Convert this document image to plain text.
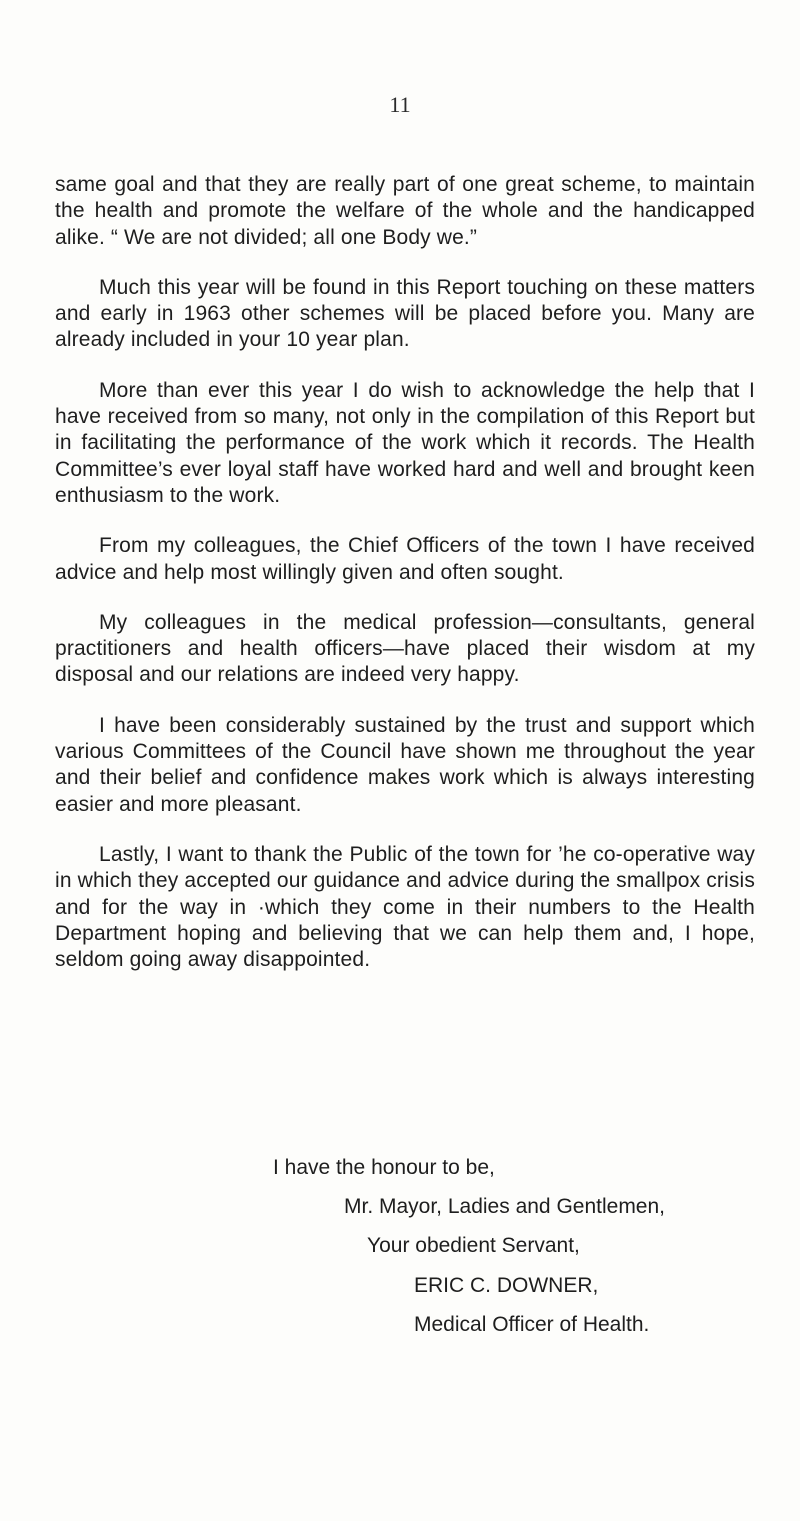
11

same goal and that they are really part of one great scheme, to maintain the health and promote the welfare of the whole and the handicapped alike. “ We are not divided; all one Body we.”

Much this year will be found in this Report touching on these matters and early in 1963 other schemes will be placed before you. Many are already included in your 10 year plan.

More than ever this year I do wish to acknowledge the help that I have received from so many, not only in the compilation of this Report but in facilitating the performance of the work which it records. The Health Committee’s ever loyal staff have worked hard and well and brought keen enthusiasm to the work.

From my colleagues, the Chief Officers of the town I have received advice and help most willingly given and often sought.

My colleagues in the medical profession—consultants, general practitioners and health officers—have placed their wisdom at my disposal and our relations are indeed very happy.

I have been considerably sustained by the trust and support which various Committees of the Council have shown me throughout the year and their belief and confidence makes work which is always interesting easier and more pleasant.

Lastly, I want to thank the Public of the town for ’he co-operative way in which they accepted our guidance and advice during the smallpox crisis and for the way in ·which they come in their numbers to the Health Department hoping and believing that we can help them and, I hope, seldom going away disappointed.

I have the honour to be,
Mr. Mayor, Ladies and Gentlemen,
Your obedient Servant,
ERIC C. DOWNER,
Medical Officer of Health.
